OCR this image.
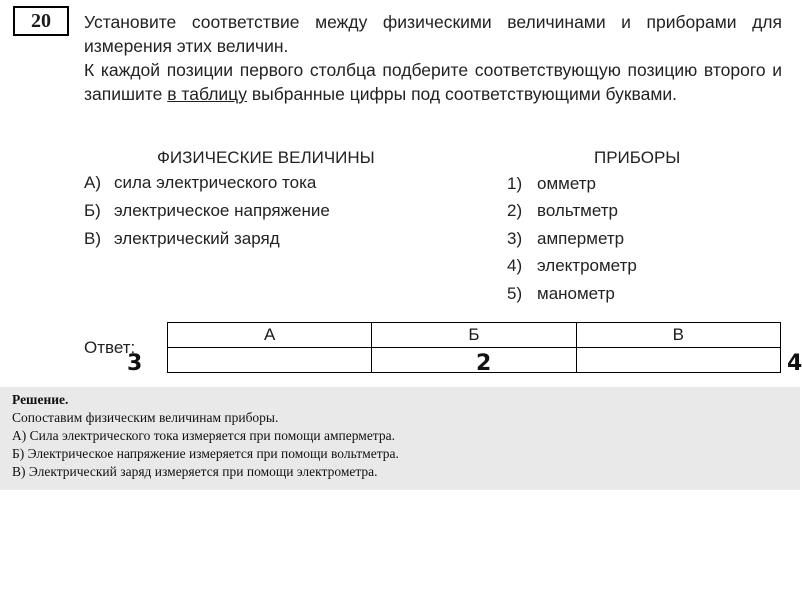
20	Установите соответствие между физическими величинами и приборами для измерения этих величин.

К каждой позиции первого столбца подберите соответствующую позицию второго и запишите в таблицу выбранные цифры под соответствующими буквами.

ФИЗИЧЕСКИЕ ВЕЛИЧИНЫ	ПРИБОРЫ
А) сила электрического тока
Б) электрическое напряжение
В) электрический заряд
1) омметр
2) вольтметр
3) амперметр
4) электрометр
5) манометр
Ответ:
А	Б	В

3	2	4
Решение.
Сопоставим физическим величинам приборы.
А) Сила электрического тока измеряется при помощи амперметра.
Б) Электрическое напряжение измеряется при помощи вольтметра.
В) Электрический заряд измеряется при помощи электрометра.
